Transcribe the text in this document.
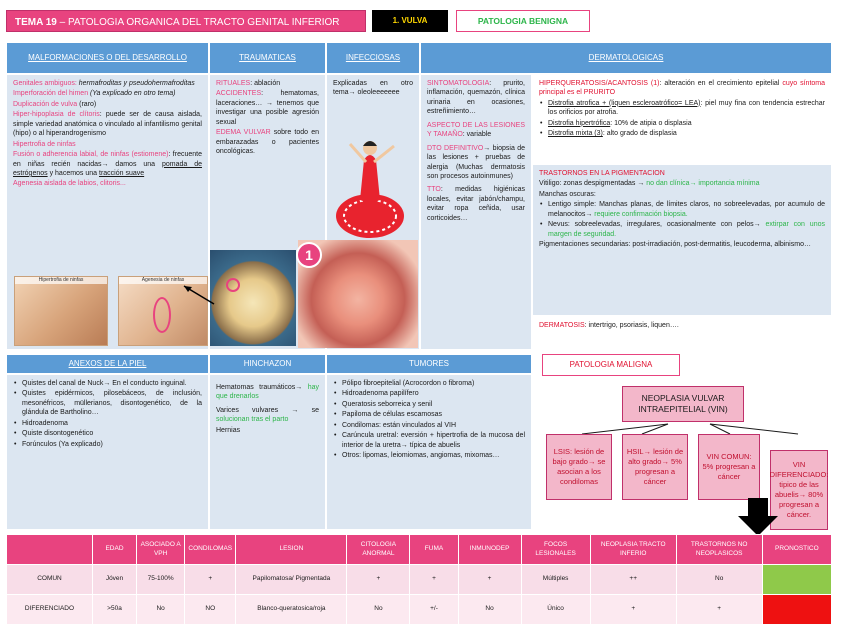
TEMA 19 – PATOLOGIA ORGANICA DEL TRACTO GENITAL INFERIOR	1. VULVA	PATOLOGIA BENIGNA
MALFORMACIONES O DEL DESARROLLO	TRAUMATICAS	INFECCIOSAS	DERMATOLOGICAS

Genitales ambiguos: hermafroditas y pseudohermafroditas

Imperforación del himen (Ya explicado en otro tema)

Duplicación de vulva (raro)

Hiper-hipoplasia de clítoris: puede ser de causa aislada, simple variedad anatómica o vinculado al infantilismo genital (hipo) o al hiperandrogenismo

Hipertrofia de ninfas

Fusión o adherencia labial, de ninfas (estiomene): frecuente en niñas recién nacidas→ damos una pomada de estrógenos y hacemos una tracción suave

Agenesia aislada de labios, clitoris...

Hipertrofia de ninfas	Agenesia de ninfas

RITUALES: ablación

ACCIDENTES: hematomas, laceraciones… → tenemos que investigar una posible agresión sexual

EDEMA VULVAR sobre todo en embarazadas o pacientes oncológicas.

Explicadas en otro tema→ oleoleeeeeee

SINTOMATOLOGIA: prurito, inflamación, quemazón, clínica urinaria en ocasiones, estreñimiento…

ASPECTO DE LAS LESIONES Y TAMAÑO: variable

DTO DEFINITIVO→ biopsia de las lesiones + pruebas de alergia (Muchas dermatosis son procesos autoinmunes)

TTO: medidas higiénicas locales, evitar jabón/champu, evitar ropa ceñida, usar corticoides…

1

HIPERQUERATOSIS/ACANTOSIS (1): alteración en el crecimiento epitelial cuyo síntoma principal es el PRURITO

• Distrofia atrofica + (liquen escleroatrófico= LEA): piel muy fina con tendencia estrechar los orificios por atrofia.
• Distrofia hipertrófica: 10% de atipia o displasia
• Distrofia mixta (3): alto grado de displasia

TRASTORNOS EN LA PIGMENTACION

Vitiligo: zonas despigmentadas → no dan clínica→ importancia mínima

Manchas oscuras:

• Lentigo simple: Manchas planas, de límites claros, no sobreelevadas, por acumulo de melanocitos→ requiere confirmación biopsia.
• Nevus: sobreelevadas, irregulares, ocasionalmente con pelos→ extirpar con unos margen de seguridad.

Pigmentaciones secundarias: post-irradiación, post-dermatitis, leucoderma, albinismo…

DERMATOSIS: intertrigo, psoriasis, liquen….

ANEXOS DE LA PIEL	HINCHAZON	TUMORES
• Quistes del canal de Nuck→ En el conducto inguinal.
• Quistes epidérmicos, pilosebáceos, de inclusión, mesonéfricos, müllerianos, disontogenético, de la glándula de Bartholino…
• Hidroadenoma
• Quiste disontogenético
• Forúnculos (Ya explicado)

Hematomas traumáticos→ hay que drenarlos

Varices vulvares → se solucionan tras el parto

Hernias

• Pólipo fibroepitelial (Acrocordon o fibroma)
• Hidroadenoma papilífero
• Queratosis seborreica y senil
• Papiloma de células escamosas
• Condilomas: están vinculados al VIH
• Carúncula uretral: eversión + hipertrofia de la mucosa del interior de la uretra→ típica de abuelis
• Otros: lipomas, leiomiomas, angiomas, mixomas…
PATOLOGIA MALIGNA
NEOPLASIA VULVAR INTRAEPITELIAL (VIN)
LSIS: lesión de bajo grado→ se asocian a los condilomas
HSIL→ lesión de alto grado→ 5% progresan a cáncer
VIN COMUN: 5% progresan a cáncer
VIN DIFERENCIADO: tipico de las abuelis→ 80% progresan a cáncer.
	EDAD	ASOCIADO A VPH	CONDILOMAS	LESION	CITOLOGIA ANORMAL	FUMA	INMUNODEP	FOCOS LESIONALES	NEOPLASIA TRACTO INFERIO	TRASTORNOS NO NEOPLASICOS	PRONOSTICO
COMUN	Jóven	75-100%	+	Papilomatosa/ Pigmentada	+	+	+	Múltiples	++	No	
DIFERENCIADO	>50a	No	NO	Blanco-queratosica/roja	No	+/-	No	Único	+	+	
